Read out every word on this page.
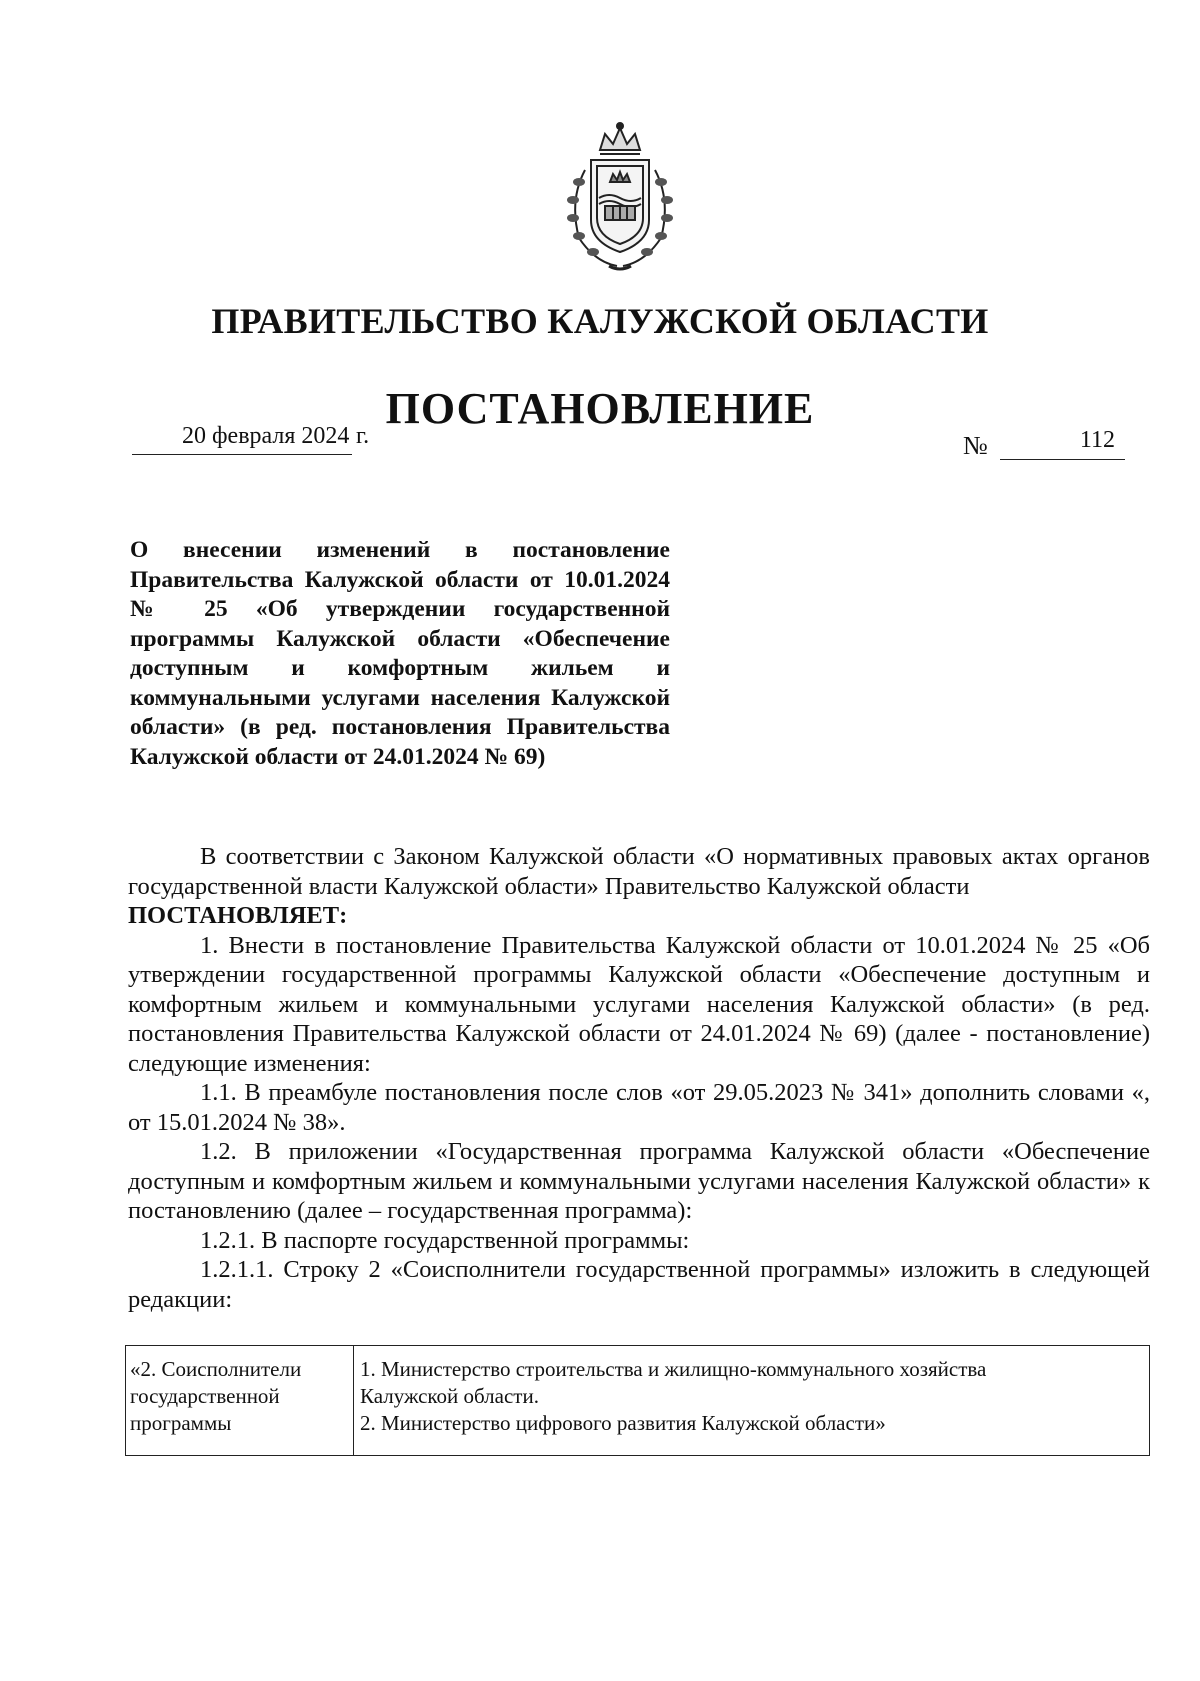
ПРАВИТЕЛЬСТВО КАЛУЖСКОЙ ОБЛАСТИ
ПОСТАНОВЛЕНИЕ
20 февраля 2024 г.	№	112
О внесении изменений в постановление Правительства Калужской области от 10.01.2024 № 25 «Об утверждении государственной программы Калужской области «Обеспечение доступным и комфортным жильем и коммунальными услугами населения Калужской области» (в ред. постановления Правительства Калужской области от 24.01.2024 № 69)

В соответствии с Законом Калужской области «О нормативных правовых актах органов государственной власти Калужской области» Правительство Калужской области

ПОСТАНОВЛЯЕТ:

1. Внести в постановление Правительства Калужской области от 10.01.2024 № 25 «Об утверждении государственной программы Калужской области «Обеспечение доступным и комфортным жильем и коммунальными услугами населения Калужской области» (в ред. постановления Правительства Калужской области от 24.01.2024 № 69) (далее - постановление) следующие изменения:

1.1. В преамбуле постановления после слов «от 29.05.2023 № 341» дополнить словами «, от 15.01.2024 № 38».

1.2. В приложении «Государственная программа Калужской области «Обеспечение доступным и комфортным жильем и коммунальными услугами населения Калужской области» к постановлению (далее – государственная программа):

1.2.1. В паспорте государственной программы:

1.2.1.1. Строку 2 «Соисполнители государственной программы» изложить в следующей редакции:

«2. Соисполнители
государственной
программы
1. Министерство строительства и жилищно-коммунального хозяйства
Калужской области.
2. Министерство цифрового развития Калужской области»
